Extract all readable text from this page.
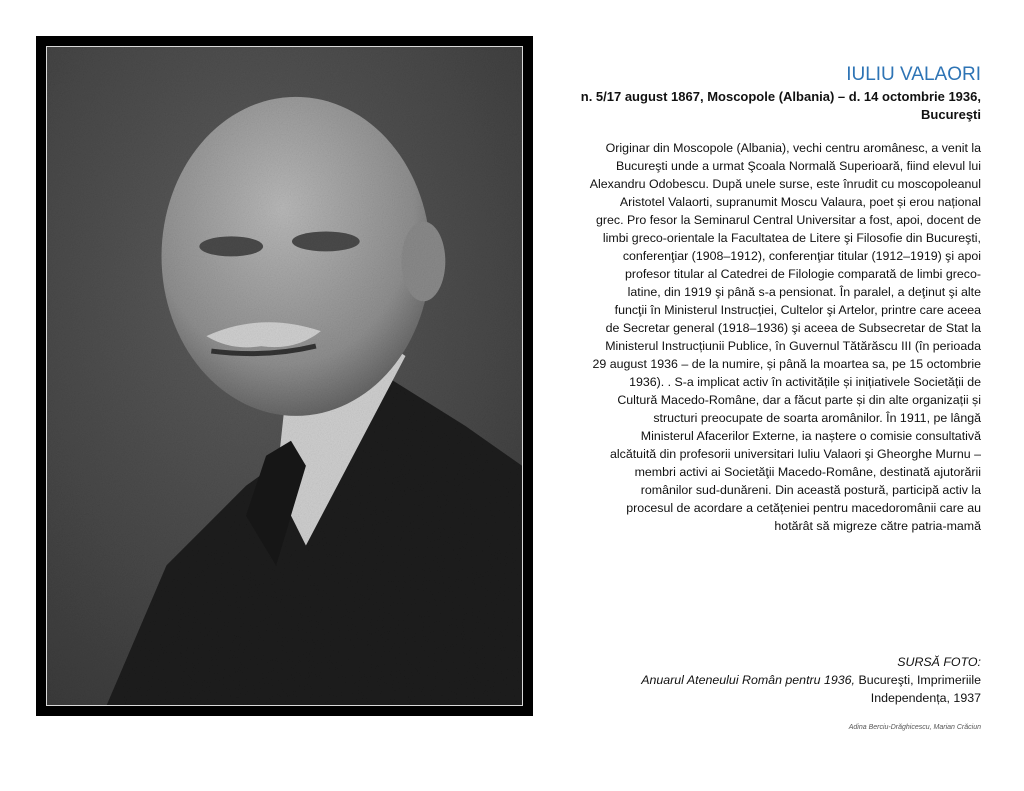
IULIU VALAORI
n. 5/17 august 1867, Moscopole (Albania) – d. 14 octombrie 1936,
Bucureşti
Originar din Moscopole (Albania), vechi centru aromânesc, a venit la
Bucureşti unde a urmat Şcoala Normală Superioară, fiind elevul lui
Alexandru Odobescu. După unele surse, este înrudit cu moscopoleanul
Aristotel Valaorti, supranumit Moscu Valaura, poet și erou național
grec. Pro fesor la Seminarul Central Universitar a fost, apoi, docent de
limbi greco-orientale la Facultatea de Litere şi Filosofie din Bucureşti,
conferenţiar (1908–1912), conferenţiar titular (1912–1919) şi apoi
profesor titular al Catedrei de Filologie comparată de limbi greco-
latine, din 1919 şi până s-a pensionat. În paralel, a deţinut şi alte
funcţii în Ministerul Instrucției, Cultelor şi Artelor, printre care aceea
de Secretar general (1918–1936) şi aceea de Subsecretar de Stat la
Ministerul Instrucțiunii Publice, în Guvernul Tătărăscu III (în perioada
29 august 1936 – de la numire, și până la moartea sa, pe 15 octombrie
1936). . S-a implicat activ în activitățile și inițiativele Societății de
Cultură Macedo-Române, dar a făcut parte și din alte organizații și
structuri preocupate de soarta aromânilor. În 1911, pe lângă
Ministerul Afacerilor Externe, ia naștere o comisie consultativă
alcătuită din profesorii universitari Iuliu Valaori şi Gheorghe Murnu –
membri activi ai Societăţii Macedo-Române, destinată ajutorării
românilor sud-dunăreni. Din această postură, participă activ la
procesul de acordare a cetățeniei pentru macedoromânii care au
hotărât să migreze către patria-mamă
SURSĂ FOTO:
Anuarul Ateneului Român pentru 1936, Bucureşti, Imprimeriile
Independența, 1937
Adina Berciu-Drăghicescu, Marian Crăciun
